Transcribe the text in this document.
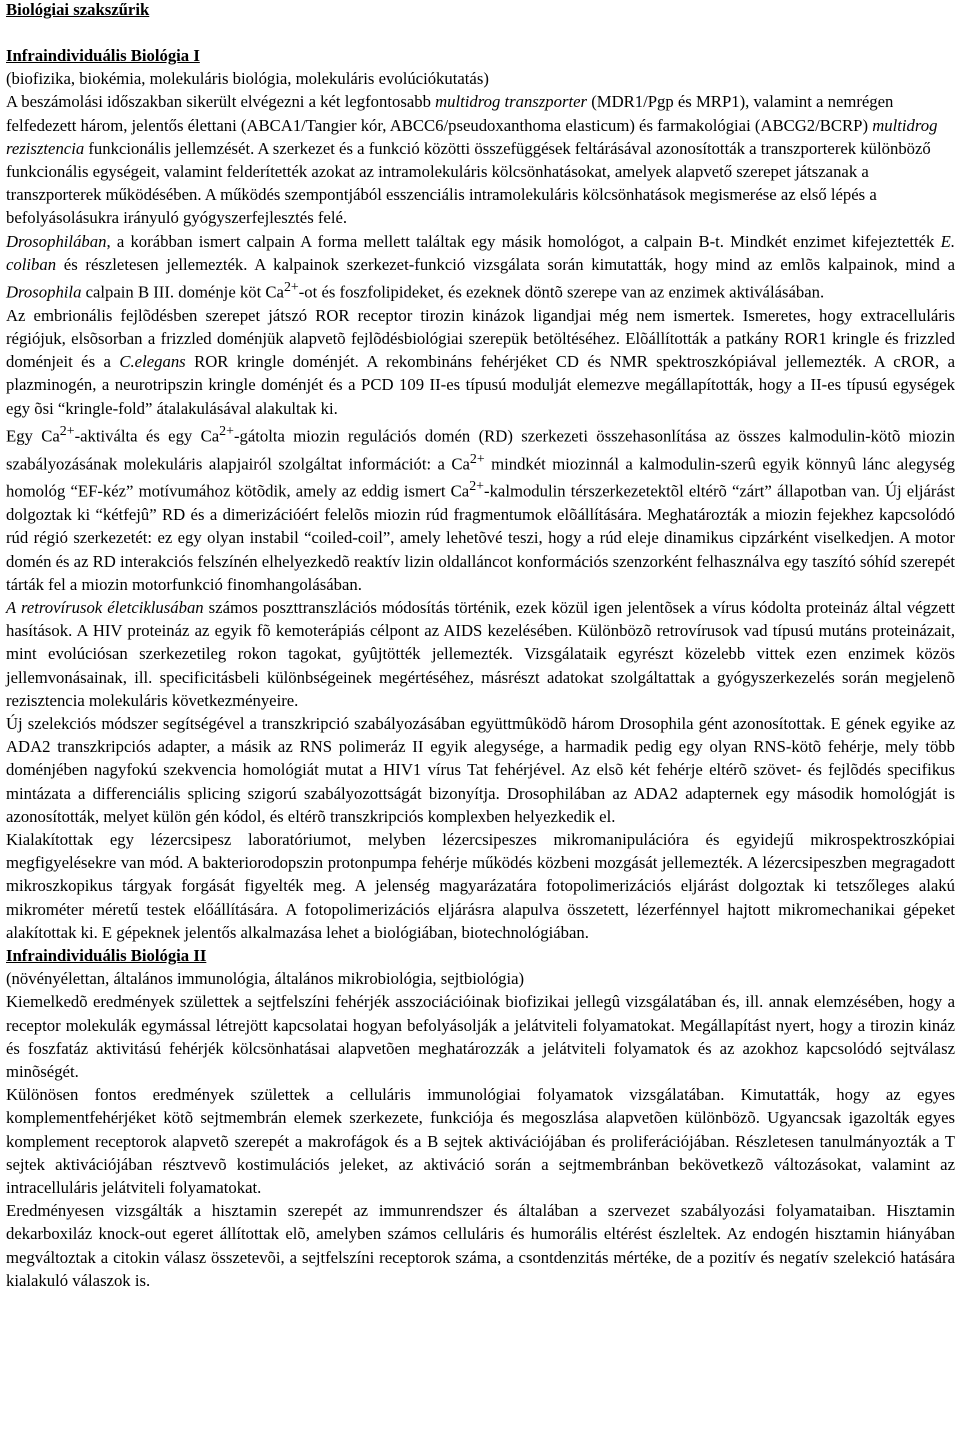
Biológiai szakszűrik
Infraindividuális Biológia I
(biofizika, biokémia, molekuláris biológia, molekuláris evolúciókutatás)

A beszámolási időszakban sikerült elvégezni a két legfontosabb multidrog transzporter (MDR1/Pgp és MRP1), valamint a nemrégen felfedezett három, jelentős élettani (ABCA1/Tangier kór, ABCC6/pseudoxanthoma elasticum) és farmakológiai (ABCG2/BCRP) multidrog rezisztencia funkcionális jellemzését. A szerkezet és a funkció közötti összefüggések feltárásával azonosították a transzporterek különböző funkcionális egységeit, valamint felderítették azokat az intramolekuláris kölcsönhatásokat, amelyek alapvető szerepet játszanak a transzporterek működésében. A működés szempontjából esszenciális intramolekuláris kölcsönhatások megismerése az első lépés a befolyásolásukra irányuló gyógyszerfejlesztés felé.

Drosophilában, a korábban ismert calpain A forma mellett találtak egy másik homológot, a calpain B-t. Mindkét enzimet kifejeztették E. coliban és részletesen jellemezték. A kalpainok szerkezet-funkció vizsgálata során kimutatták, hogy mind az emlõs kalpainok, mind a Drosophila calpain B III. doménje köt $Ca^{2+}-ot$ és foszfolipideket, és ezeknek döntõ szerepe van az enzimek aktiválásában.

Az embrionális fejlõdésben szerepet játszó ROR receptor tirozin kinázok ligandjai még nem ismertek. Ismeretes, hogy extracelluláris régiójuk, elsõsorban a frizzled doménjük alapvetõ fejlõdésbiológiai szerepük betöltéséhez. Elõállították a patkány ROR1 kringle és frizzled doménjeit és a C.elegans ROR kringle doménjét. A rekombináns fehérjéket CD és NMR spektroszkópiával jellemezték. A cROR, a plazminogén, a neurotripszin kringle doménjét és a PCD 109 II-es típusú modulját elemezve megállapították, hogy a II-es típusú egységek egy õsi “kringle-fold” átalakulásával alakultak ki.

Egy $Ca^{2+}$-aktiválta és egy $Ca^{2+}$-gátolta miozin regulációs domén (RD) szerkezeti összehasonlítása az összes kalmodulin-kötõ miozin szabályozásának molekuláris alapjairól szolgáltat információt: a $Ca^{2+}$ mindkét miozinnál a kalmodulin-szerû egyik könnyû lánc alegység homológ “EF-kéz” motívumához kötõdik, amely az eddig ismert $Ca^{2+}$-kalmodulin térszerkezetektõl eltérõ “zárt” állapotban van. Új eljárást dolgoztak ki “kétfejû” RD és a dimerizációért felelõs miozin rúd fragmentumok elõállítására. Meghatározták a miozin fejekhez kapcsolódó rúd régió szerkezetét: ez egy olyan instabil “coiled-coil”, amely lehetõvé teszi, hogy a rúd eleje dinamikus cipzárként viselkedjen. A motor domén és az RD interakciós felszínén elhelyezkedõ reaktív lizin oldalláncot konformációs szenzorként felhasználva egy taszító sóhíd szerepét tárták fel a miozin motorfunkció finomhangolásában.

A retrovírusok életciklusában számos poszttranszlációs módosítás történik, ezek közül igen jelentõsek a vírus kódolta proteináz által végzett hasítások. A HIV proteináz az egyik fõ kemoterápiás célpont az AIDS kezelésében. Különbözõ retrovírusok vad típusú mutáns proteinázait, mint evolúciósan szerkezetileg rokon tagokat, gyûjtötték jellemezték. Vizsgálataik egyrészt közelebb vittek ezen enzimek közös jellemvonásainak, ill. specificitásbeli különbségeinek megértéséhez, másrészt adatokat szolgáltattak a gyógyszerkezelés során megjelenõ rezisztencia molekuláris következményeire.

Új szelekciós módszer segítségével a transzkripció szabályozásában együttmûködõ három Drosophila gént azonosítottak. E gének egyike az ADA2 transzkripciós adapter, a másik az RNS polimeráz II egyik alegysége, a harmadik pedig egy olyan RNS-kötõ fehérje, mely több doménjében nagyfokú szekvencia homológiát mutat a HIV1 vírus Tat fehérjével. Az elsõ két fehérje eltérõ szövet- és fejlõdés specifikus mintázata a differenciális splicing szigorú szabályozottságát bizonyítja. Drosophilában az ADA2 adapternek egy második homológját is azonosították, melyet külön gén kódol, és eltérõ transzkripciós komplexben helyezkedik el.

Kialakítottak egy lézercsipesz laboratóriumot, melyben lézercsipeszes mikromanipulációra és egyidejű mikrospektroszkópiai megfigyelésekre van mód. A bakteriorodopszin protonpumpa fehérje működés közbeni mozgását jellemezték. A lézercsipeszben megragadott mikroszkopikus tárgyak forgását figyelték meg. A jelenség magyarázatára fotopolimerizációs eljárást dolgoztak ki tetszőleges alakú mikrométer méretű testek előállítására. A fotopolimerizációs eljárásra alapulva összetett, lézerfénnyel hajtott mikromechanikai gépeket alakítottak ki. E gépeknek jelentős alkalmazása lehet a biológiában, biotechnológiában.

Infraindividuális Biológia II
(növényélettan, általános immunológia, általános mikrobiológia, sejtbiológia)

Kiemelkedõ eredmények születtek a sejtfelszíni fehérjék asszociációinak biofizikai jellegû vizsgálatában és, ill. annak elemzésében, hogy a receptor molekulák egymással létrejött kapcsolatai hogyan befolyásolják a jelátviteli folyamatokat. Megállapítást nyert, hogy a tirozin kináz és foszfatáz aktivitású fehérjék kölcsönhatásai alapvetõen meghatározzák a jelátviteli folyamatok és az azokhoz kapcsolódó sejtválasz minõségét.

Különösen fontos eredmények születtek a celluláris immunológiai folyamatok vizsgálatában. Kimutatták, hogy az egyes komplementfehérjéket kötõ sejtmembrán elemek szerkezete, funkciója és megoszlása alapvetõen különbözõ. Ugyancsak igazolták egyes komplement receptorok alapvetõ szerepét a makrofágok és a B sejtek aktivációjában és proliferációjában. Részletesen tanulmányozták a T sejtek aktivációjában résztvevõ kostimulációs jeleket, az aktiváció során a sejtmembránban bekövetkezõ változásokat, valamint az intracelluláris jelátviteli folyamatokat.

Eredményesen vizsgálták a hisztamin szerepét az immunrendszer és általában a szervezet szabályozási folyamataiban. Hisztamin dekarboxiláz knock-out egeret állítottak elõ, amelyben számos celluláris és humorális eltérést észleltek. Az endogén hisztamin hiányában megváltoztak a citokin válasz összetevõi, a sejtfelszíni receptorok száma, a csontdenzitás mértéke, de a pozitív és negatív szelekció hatására kialakuló válaszok is.
